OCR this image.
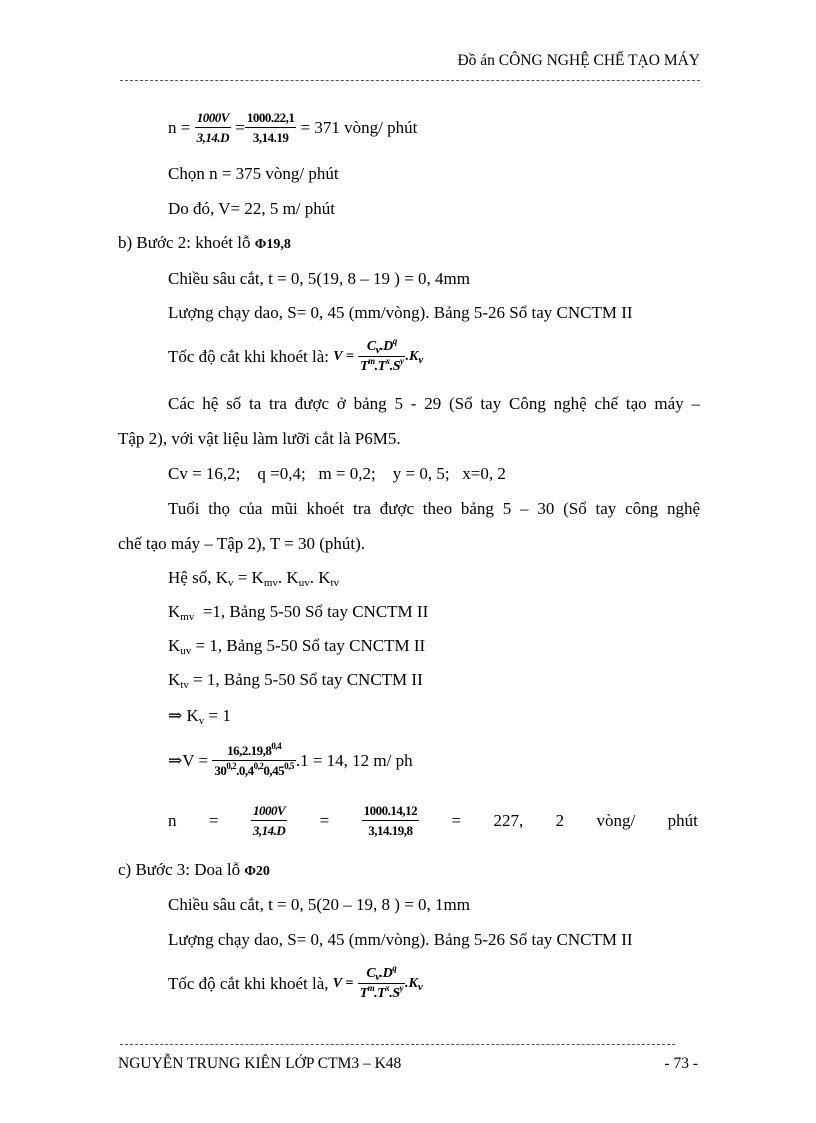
Đồ án CÔNG NGHỆ CHẾ TẠO MÁY
n =
$\frac{1000V}{3,14.D}$
= $\frac{1000.22,1}{3,14.19}$
= 371 vòng/ phút
Chọn n = 375 vòng/ phút
Do đó, V= 22, 5 m/ phút
b) Bước 2: khoét lỗ Φ19,8
Chiều sâu cắt, t = 0, 5(19, 8 – 19 ) = 0, 4mm
Lượng chạy dao, S= 0, 45 (mm/vòng). Bảng 5-26 Sổ tay CNCTM II
Tốc độ cắt khi khoét là:
V =
$\frac{C_v.D^q}{T^m.T^x.S^y} .K_v$
Các hệ số ta tra được ở bảng 5 - 29 (Sổ tay Công nghệ chế tạo máy –
Tập 2), với vật liệu làm lưỡi cắt là P6M5.
Cv = 16,2;    q =0,4;   m = 0,2;    y = 0, 5;   x=0, 2
Tuổi thọ của mũi khoét tra được theo bảng 5 – 30 (Sổ tay công nghệ
chế tạo máy – Tập 2), T = 30 (phút).
Hệ số, $K_v = K_{mv}$. $K_{uv}$. $K_{tv}$
$K_{mv} =1$, Bảng 5-50 Sổ tay CNCTM II
$K_{uv} = 1$, Bảng 5-50 Sổ tay CNCTM II
$K_{tv} = 1$, Bảng 5-50 Sổ tay CNCTM II
⇒ $K_v = 1$
⇒V =
$\frac{16,2.19,8^{0,4}}{30^{0,2}.0,4^{0,2}0,45^{0,5}} .1 = 14$, 12 m/ ph
$n = \frac{1000V}{3,14.D} = \frac{1000.14,12}{3,14.19,8} = 227$, 2 vòng/ phút
c) Bước 3: Doa lỗ Φ20
Chiều sâu cắt, t = 0, 5(20 – 19, 8 ) = 0, 1mm
Lượng chạy dao, S= 0, 45 (mm/vòng). Bảng 5-26 Sổ tay CNCTM II
Tốc độ cắt khi khoét là,
V =
$\frac{C_v.D^q}{T^m.T^x.S^y} .K_v$
NGUYỄN TRUNG KIÊN LỚP CTM3 – K48	- 73 -
